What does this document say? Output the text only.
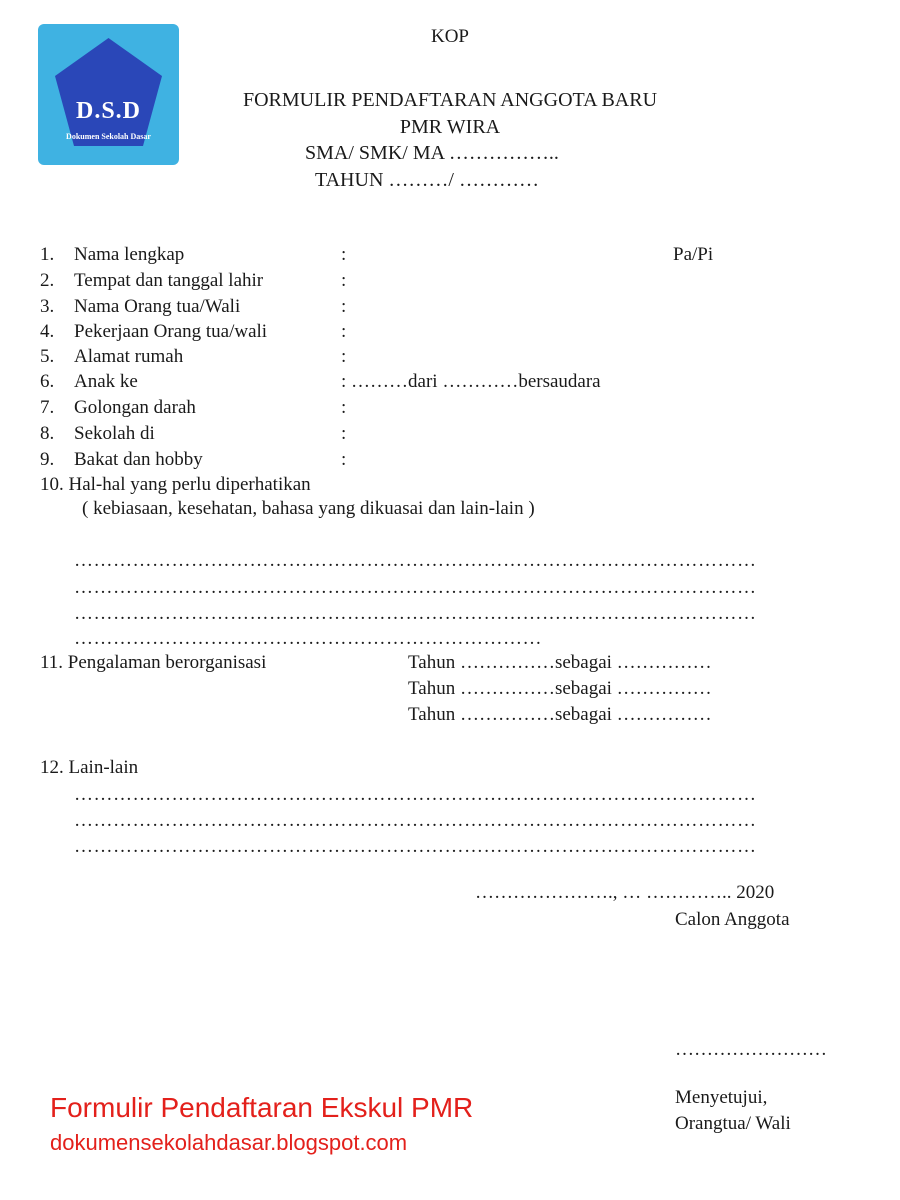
D.S.D
Dokumen Sekolah Dasar
KOP
FORMULIR PENDAFTARAN ANGGOTA BARU
PMR WIRA
SMA/ SMK/ MA ……………..
TAHUN ………/ …………
1. Nama lengkap	:	Pa/Pi
2. Tempat dan tanggal lahir	:
3. Nama Orang tua/Wali	:
4. Pekerjaan Orang tua/wali	:
5. Alamat rumah	:
6. Anak ke	: ………dari …………bersaudara
7. Golongan darah	:
8. Sekolah di	:
9. Bakat dan hobby	:
10. Hal-hal yang perlu diperhatikan
( kebiasaan, kesehatan, bahasa yang dikuasai dan lain-lain )
……………………………………………………………………………………………
……………………………………………………………………………………………
……………………………………………………………………………………………
………………………………………………………………
11. Pengalaman berorganisasi	Tahun ……………sebagai ……………
Tahun ……………sebagai ……………
Tahun ……………sebagai ……………
12. Lain-lain
……………………………………………………………………………………………
……………………………………………………………………………………………
……………………………………………………………………………………………
…………………., … ………….. 2020
Calon Anggota
……………………
Menyetujui,
Orangtua/ Wali
Formulir Pendaftaran Ekskul PMR
dokumensekolahdasar.blogspot.com
